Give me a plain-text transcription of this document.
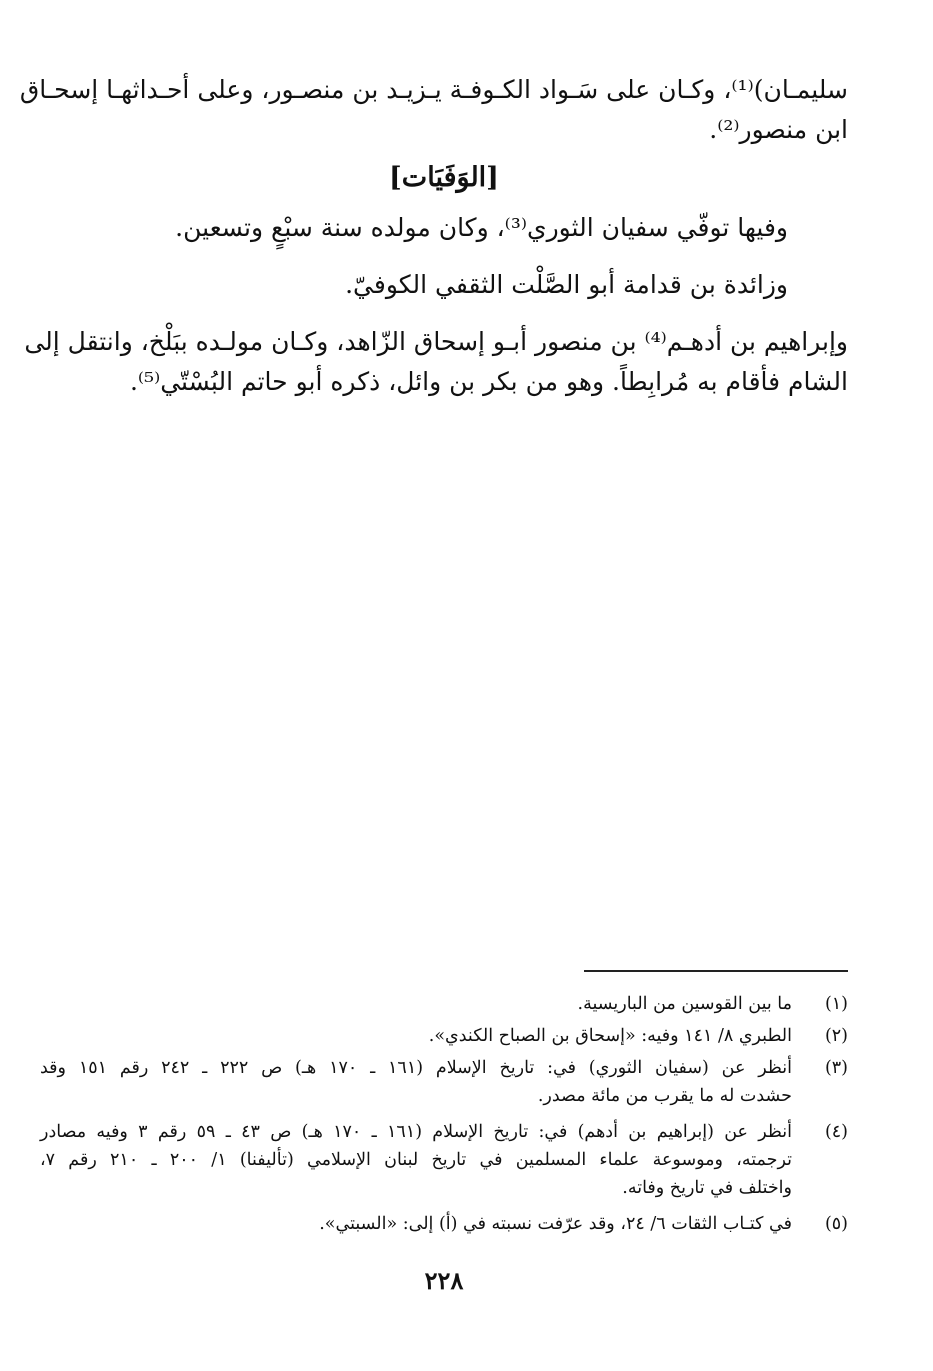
سليمـان)⁽¹⁾، وكـان على سَـواد الكـوفـة يـزيـد بن منصـور، وعلى أحـداثهـا إسحـاق
ابن منصور⁽²⁾.
[الوَفَيَات]
وفيها توفّي سفيان الثوري⁽³⁾، وكان مولده سنة سبْعٍ وتسعين.
وزائدة بن قدامة أبو الصَّلْت الثقفي الكوفيّ.
وإبراهيم بن أدهـم⁽⁴⁾ بن منصور أبـو إسحاق الزّاهد، وكـان مولـده ببَلْخ، وانتقل إلى
الشام فأقام به مُرابِطاً. وهو من بكر بن وائل، ذكره أبو حاتم البُسْتّي⁽⁵⁾.
(١)
ما بين القوسين من الباريسية.
(٢)
الطبري ٨/ ١٤١ وفيه: «إسحاق بن الصباح الكندي».
(٣)
أنظر عن (سفيان الثوري) في: تاريخ الإسلام (١٦١ ـ ١٧٠ هـ) ص ٢٢٢ ـ ٢٤٢ رقم ١٥١ وقد
حشدت له ما يقرب من مائة مصدر.
(٤)
أنظر عن (إبراهيم بن أدهم) في: تاريخ الإسلام (١٦١ ـ ١٧٠ هـ) ص ٤٣ ـ ٥٩ رقم ٣ وفيه مصادر
ترجمته، وموسوعة علماء المسلمين في تاريخ لبنان الإسلامي (تأليفنا) ١/ ٢٠٠ ـ ٢١٠ رقم ٧،
واختلف في تاريخ وفاته.
(٥)
في كتـاب الثقات ٦/ ٢٤، وقد عرّفت نسبته في (أ) إلى: «السبتي».
٢٢٨
